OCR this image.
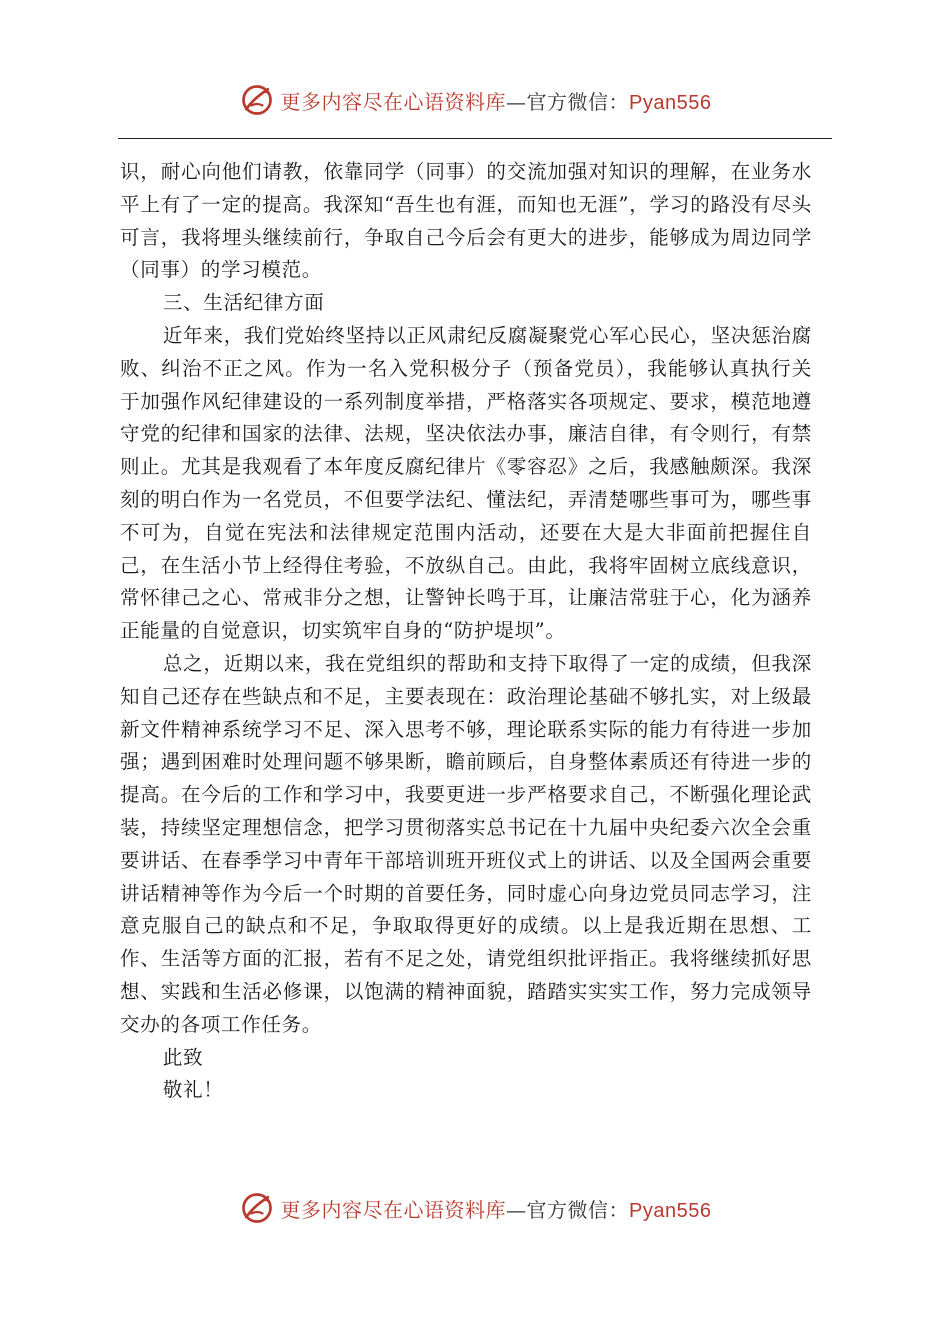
更多内容尽在心语资料库—官方微信：Pyan556

识，耐心向他们请教，依靠同学（同事）的交流加强对知识的理解，在业务水平上有了一定的提高。我深知“吾生也有涯，而知也无涯”，学习的路没有尽头可言，我将埋头继续前行，争取自己今后会有更大的进步，能够成为周边同学（同事）的学习模范。

三、生活纪律方面

近年来，我们党始终坚持以正风肃纪反腐凝聚党心军心民心，坚决惩治腐败、纠治不正之风。作为一名入党积极分子（预备党员），我能够认真执行关于加强作风纪律建设的一系列制度举措，严格落实各项规定、要求，模范地遵守党的纪律和国家的法律、法规，坚决依法办事，廉洁自律，有令则行，有禁则止。尤其是我观看了本年度反腐纪律片《零容忍》之后，我感触颇深。我深刻的明白作为一名党员，不但要学法纪、懂法纪，弄清楚哪些事可为，哪些事不可为，自觉在宪法和法律规定范围内活动，还要在大是大非面前把握住自己，在生活小节上经得住考验，不放纵自己。由此，我将牢固树立底线意识，常怀律己之心、常戒非分之想，让警钟长鸣于耳，让廉洁常驻于心，化为涵养正能量的自觉意识，切实筑牢自身的“防护堤坝”。

总之，近期以来，我在党组织的帮助和支持下取得了一定的成绩，但我深知自己还存在些缺点和不足，主要表现在：政治理论基础不够扎实，对上级最新文件精神系统学习不足、深入思考不够，理论联系实际的能力有待进一步加强；遇到困难时处理问题不够果断，瞻前顾后，自身整体素质还有待进一步的提高。在今后的工作和学习中，我要更进一步严格要求自己，不断强化理论武装，持续坚定理想信念，把学习贯彻落实总书记在十九届中央纪委六次全会重要讲话、在春季学习中青年干部培训班开班仪式上的讲话、以及全国两会重要讲话精神等作为今后一个时期的首要任务，同时虚心向身边党员同志学习，注意克服自己的缺点和不足，争取取得更好的成绩。以上是我近期在思想、工作、生活等方面的汇报，若有不足之处，请党组织批评指正。我将继续抓好思想、实践和生活必修课，以饱满的精神面貌，踏踏实实实工作，努力完成领导交办的各项工作任务。

此致

敬礼！

更多内容尽在心语资料库—官方微信：Pyan556
